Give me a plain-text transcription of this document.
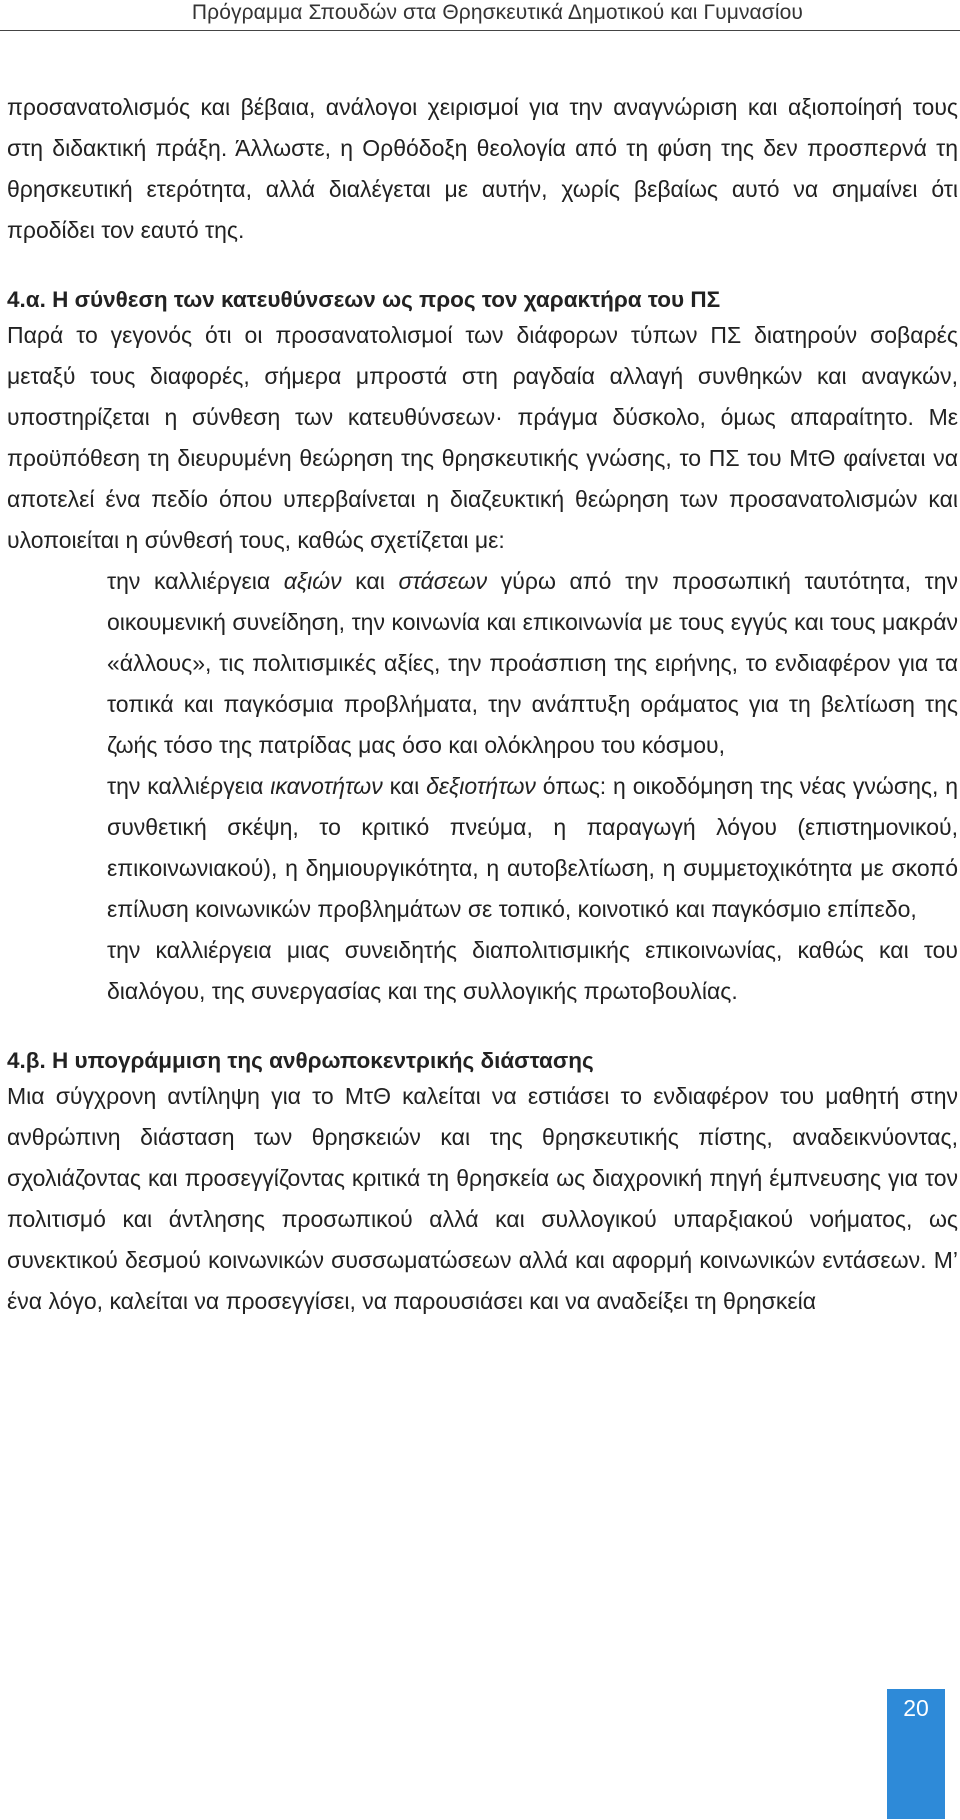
Πρόγραμμα Σπουδών στα Θρησκευτικά Δημοτικού και Γυμνασίου

προσανατολισμός και βέβαια, ανάλογοι χειρισμοί για την αναγνώριση και αξιοποίησή τους στη διδακτική πράξη. Άλλωστε, η Ορθόδοξη θεολογία από τη φύση της δεν προσπερνά τη θρησκευτική ετερότητα, αλλά διαλέγεται με αυτήν, χωρίς βεβαίως αυτό να σημαίνει ότι προδίδει τον εαυτό της.

4.α. Η σύνθεση των κατευθύνσεων ως προς τον χαρακτήρα του ΠΣ

Παρά το γεγονός ότι οι προσανατολισμοί των διάφορων τύπων ΠΣ διατηρούν σοβαρές μεταξύ τους διαφορές, σήμερα μπροστά στη ραγδαία αλλαγή συνθηκών και αναγκών, υποστηρίζεται η σύνθεση των κατευθύνσεων· πράγμα δύσκολο, όμως απαραίτητο. Με προϋπόθεση τη διευρυμένη θεώρηση της θρησκευτικής γνώσης, το ΠΣ του ΜτΘ φαίνεται να αποτελεί ένα πεδίο όπου υπερβαίνεται η διαζευκτική θεώρηση των προσανατολισμών και υλοποιείται η σύνθεσή τους, καθώς σχετίζεται με:

την καλλιέργεια αξιών και στάσεων γύρω από την προσωπική ταυτότητα, την οικουμενική συνείδηση, την κοινωνία και επικοινωνία με τους εγγύς και τους μακράν «άλλους», τις πολιτισμικές αξίες, την προάσπιση της ειρήνης, το ενδιαφέρον για τα τοπικά και παγκόσμια προβλήματα, την ανάπτυξη οράματος για τη βελτίωση της ζωής τόσο της πατρίδας μας όσο και ολόκληρου του κόσμου,

την καλλιέργεια ικανοτήτων και δεξιοτήτων όπως: η οικοδόμηση της νέας γνώσης, η συνθετική σκέψη, το κριτικό πνεύμα, η παραγωγή λόγου (επιστημονικού, επικοινωνιακού), η δημιουργικότητα, η αυτοβελτίωση, η συμμετοχικότητα με σκοπό επίλυση κοινωνικών προβλημάτων σε τοπικό, κοινοτικό και παγκόσμιο επίπεδο,

την καλλιέργεια μιας συνειδητής διαπολιτισμικής επικοινωνίας, καθώς και του διαλόγου, της συνεργασίας και της συλλογικής πρωτοβουλίας.

4.β. Η υπογράμμιση της ανθρωποκεντρικής διάστασης

Μια σύγχρονη αντίληψη για το ΜτΘ καλείται να εστιάσει το ενδιαφέρον του μαθητή στην ανθρώπινη διάσταση των θρησκειών και της θρησκευτικής πίστης, αναδεικνύοντας, σχολιάζοντας και προσεγγίζοντας κριτικά τη θρησκεία ως διαχρονική πηγή έμπνευσης για τον πολιτισμό και άντλησης προσωπικού αλλά και συλλογικού υπαρξιακού νοήματος, ως συνεκτικού δεσμού κοινωνικών συσσωματώσεων αλλά και αφορμή κοινωνικών εντάσεων. Μ’ ένα λόγο, καλείται να προσεγγίσει, να παρουσιάσει και να αναδείξει τη θρησκεία

20
